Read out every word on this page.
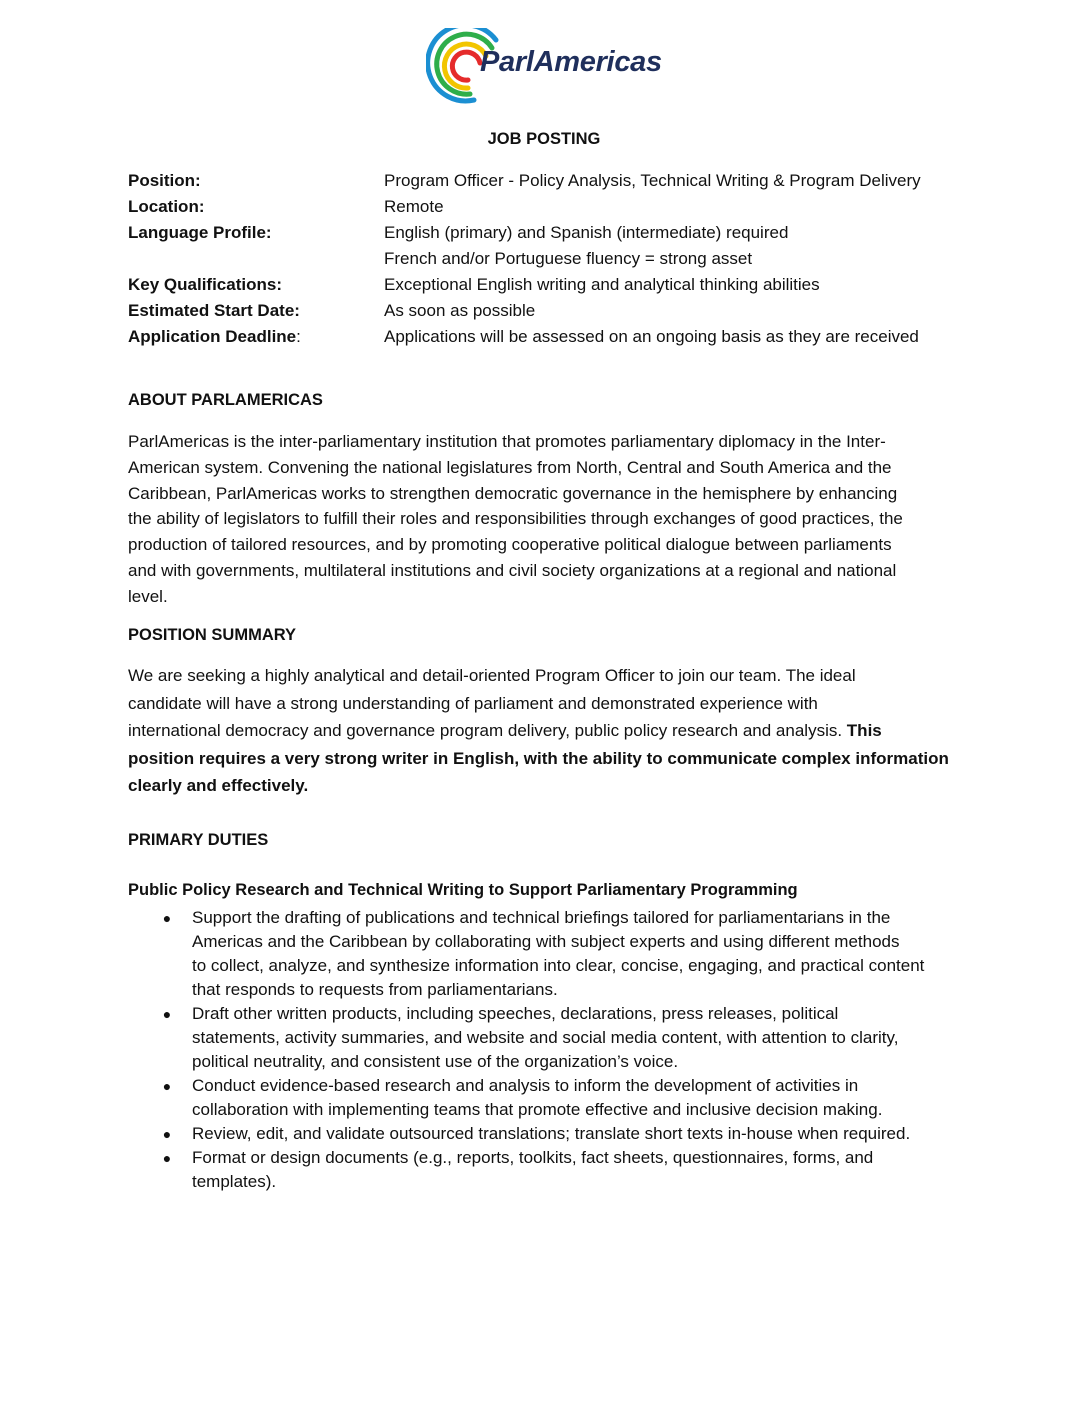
ParlAmericas
JOB POSTING
Position:	Program Officer - Policy Analysis, Technical Writing & Program Delivery
Location:	Remote
Language Profile:	English (primary) and Spanish (intermediate) required
French and/or Portuguese fluency = strong asset
Key Qualifications:	Exceptional English writing and analytical thinking abilities
Estimated Start Date:	As soon as possible
Application Deadline:	Applications will be assessed on an ongoing basis as they are received
ABOUT PARLAMERICAS
ParlAmericas is the inter-parliamentary institution that promotes parliamentary diplomacy in the Inter-
American system. Convening the national legislatures from North, Central and South America and the
Caribbean, ParlAmericas works to strengthen democratic governance in the hemisphere by enhancing
the ability of legislators to fulfill their roles and responsibilities through exchanges of good practices, the
production of tailored resources, and by promoting cooperative political dialogue between parliaments
and with governments, multilateral institutions and civil society organizations at a regional and national
level.
POSITION SUMMARY
We are seeking a highly analytical and detail-oriented Program Officer to join our team. The ideal
candidate will have a strong understanding of parliament and demonstrated experience with
international democracy and governance program delivery, public policy research and analysis. This
position requires a very strong writer in English, with the ability to communicate complex information
clearly and effectively.
PRIMARY DUTIES
Public Policy Research and Technical Writing to Support Parliamentary Programming
● Support the drafting of publications and technical briefings tailored for parliamentarians in the
Americas and the Caribbean by collaborating with subject experts and using different methods
to collect, analyze, and synthesize information into clear, concise, engaging, and practical content
that responds to requests from parliamentarians.
● Draft other written products, including speeches, declarations, press releases, political
statements, activity summaries, and website and social media content, with attention to clarity,
political neutrality, and consistent use of the organization’s voice.
● Conduct evidence-based research and analysis to inform the development of activities in
collaboration with implementing teams that promote effective and inclusive decision making.
● Review, edit, and validate outsourced translations; translate short texts in-house when required.
● Format or design documents (e.g., reports, toolkits, fact sheets, questionnaires, forms, and
templates).
